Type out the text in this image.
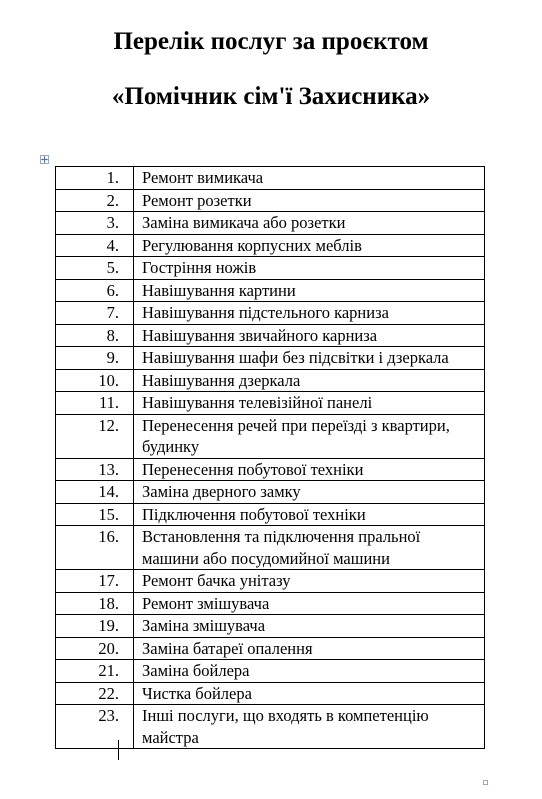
Перелік послуг за проєктом
«Помічник сім'ї Захисника»
1.	Ремонт вимикача
2.	Ремонт розетки
3.	Заміна вимикача або розетки
4.	Регулювання корпусних меблів
5.	Гостріння ножів
6.	Навішування картини
7.	Навішування підстельного карниза
8.	Навішування звичайного карниза
9.	Навішування шафи без підсвітки і дзеркала
10.	Навішування дзеркала
11.	Навішування телевізійної панелі
12.	Перенесення речей при переїзді з квартири, будинку
13.	Перенесення побутової техніки
14.	Заміна дверного замку
15.	Підключення побутової техніки
16.	Встановлення та підключення пральної машини або посудомийної машини
17.	Ремонт бачка унітазу
18.	Ремонт змішувача
19.	Заміна змішувача
20.	Заміна батареї опалення
21.	Заміна бойлера
22.	Чистка бойлера
23.	Інші послуги, що входять в компетенцію майстра
